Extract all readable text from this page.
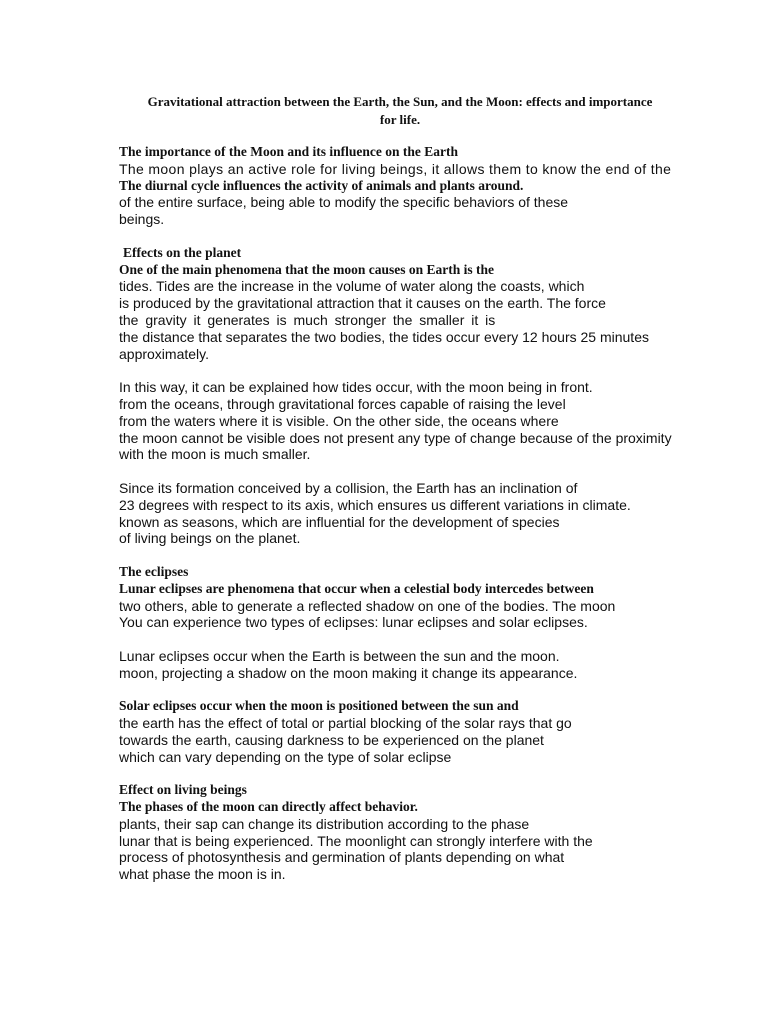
Gravitational attraction between the Earth, the Sun, and the Moon: effects and importance
for life.
The importance of the Moon and its influence on the Earth
The moon plays an active role for living beings, it allows them to know the end of the
The diurnal cycle influences the activity of animals and plants around.
of the entire surface, being able to modify the specific behaviors of these
beings.
Effects on the planet
One of the main phenomena that the moon causes on Earth is the
tides. Tides are the increase in the volume of water along the coasts, which
is produced by the gravitational attraction that it causes on the earth. The force
the gravity it generates is much stronger the smaller it is
the distance that separates the two bodies, the tides occur every 12 hours 25 minutes
approximately.
In this way, it can be explained how tides occur, with the moon being in front.
from the oceans, through gravitational forces capable of raising the level
from the waters where it is visible. On the other side, the oceans where
the moon cannot be visible does not present any type of change because of the proximity
with the moon is much smaller.
Since its formation conceived by a collision, the Earth has an inclination of
23 degrees with respect to its axis, which ensures us different variations in climate.
known as seasons, which are influential for the development of species
of living beings on the planet.
The eclipses
Lunar eclipses are phenomena that occur when a celestial body intercedes between
two others, able to generate a reflected shadow on one of the bodies. The moon
You can experience two types of eclipses: lunar eclipses and solar eclipses.
Lunar eclipses occur when the Earth is between the sun and the moon.
moon, projecting a shadow on the moon making it change its appearance.
Solar eclipses occur when the moon is positioned between the sun and
the earth has the effect of total or partial blocking of the solar rays that go
towards the earth, causing darkness to be experienced on the planet
which can vary depending on the type of solar eclipse
Effect on living beings
The phases of the moon can directly affect behavior.
plants, their sap can change its distribution according to the phase
lunar that is being experienced. The moonlight can strongly interfere with the
process of photosynthesis and germination of plants depending on what
what phase the moon is in.
